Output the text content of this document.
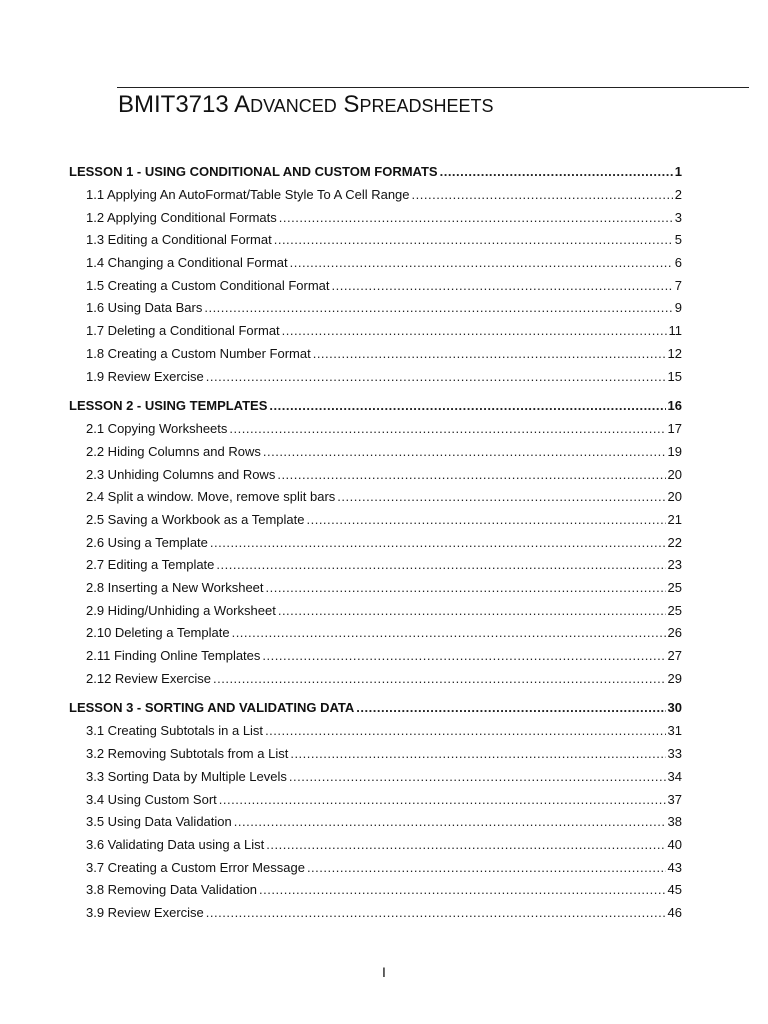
BMIT3713 ADVANCED SPREADSHEETS
LESSON 1 - USING CONDITIONAL AND CUSTOM FORMATS .....	1
1.1 Applying An AutoFormat/Table Style To A Cell Range .....	2
1.2 Applying Conditional Formats .....	3
1.3 Editing a Conditional Format .....	5
1.4 Changing a Conditional Format .....	6
1.5 Creating a Custom Conditional Format .....	7
1.6 Using Data Bars .....	9
1.7 Deleting a Conditional Format .....	11
1.8 Creating a Custom Number Format .....	12
1.9 Review Exercise .....	15
LESSON 2 - USING TEMPLATES .....	16
2.1 Copying Worksheets .....	17
2.2 Hiding Columns and Rows .....	19
2.3 Unhiding Columns and Rows .....	20
2.4 Split a window. Move, remove split bars .....	20
2.5 Saving a Workbook as a Template .....	21
2.6 Using a Template .....	22
2.7 Editing a Template .....	23
2.8 Inserting a New Worksheet .....	25
2.9 Hiding/Unhiding a Worksheet .....	25
2.10 Deleting a Template .....	26
2.11 Finding Online Templates .....	27
2.12 Review Exercise .....	29
LESSON 3 - SORTING AND VALIDATING DATA .....	30
3.1 Creating Subtotals in a List .....	31
3.2 Removing Subtotals from a List .....	33
3.3 Sorting Data by Multiple Levels .....	34
3.4 Using Custom Sort .....	37
3.5 Using Data Validation .....	38
3.6 Validating Data using a List .....	40
3.7 Creating a Custom Error Message .....	43
3.8 Removing Data Validation .....	45
3.9 Review Exercise .....	46
I
